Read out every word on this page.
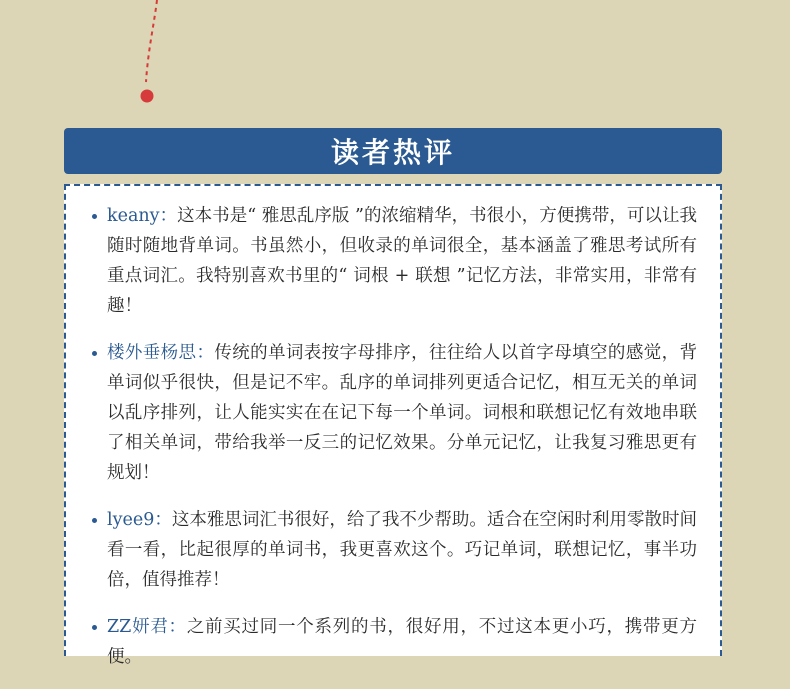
读者热评
keany：这本书是“ 雅思乱序版 ”的浓缩精华，书很小，方便携带，可以让我随时随地背单词。书虽然小，但收录的单词很全，基本涵盖了雅思考试所有重点词汇。我特别喜欢书里的“ 词根 + 联想 ”记忆方法，非常实用，非常有趣！
楼外垂杨思：传统的单词表按字母排序，往往给人以首字母填空的感觉，背单词似乎很快，但是记不牢。乱序的单词排列更适合记忆，相互无关的单词以乱序排列，让人能实实在在记下每一个单词。词根和联想记忆有效地串联了相关单词，带给我举一反三的记忆效果。分单元记忆，让我复习雅思更有规划！
lyee9：这本雅思词汇书很好，给了我不少帮助。适合在空闲时利用零散时间看一看，比起很厚的单词书，我更喜欢这个。巧记单词，联想记忆，事半功倍，值得推荐！
ZZ妍君：之前买过同一个系列的书，很好用，不过这本更小巧，携带更方便。
